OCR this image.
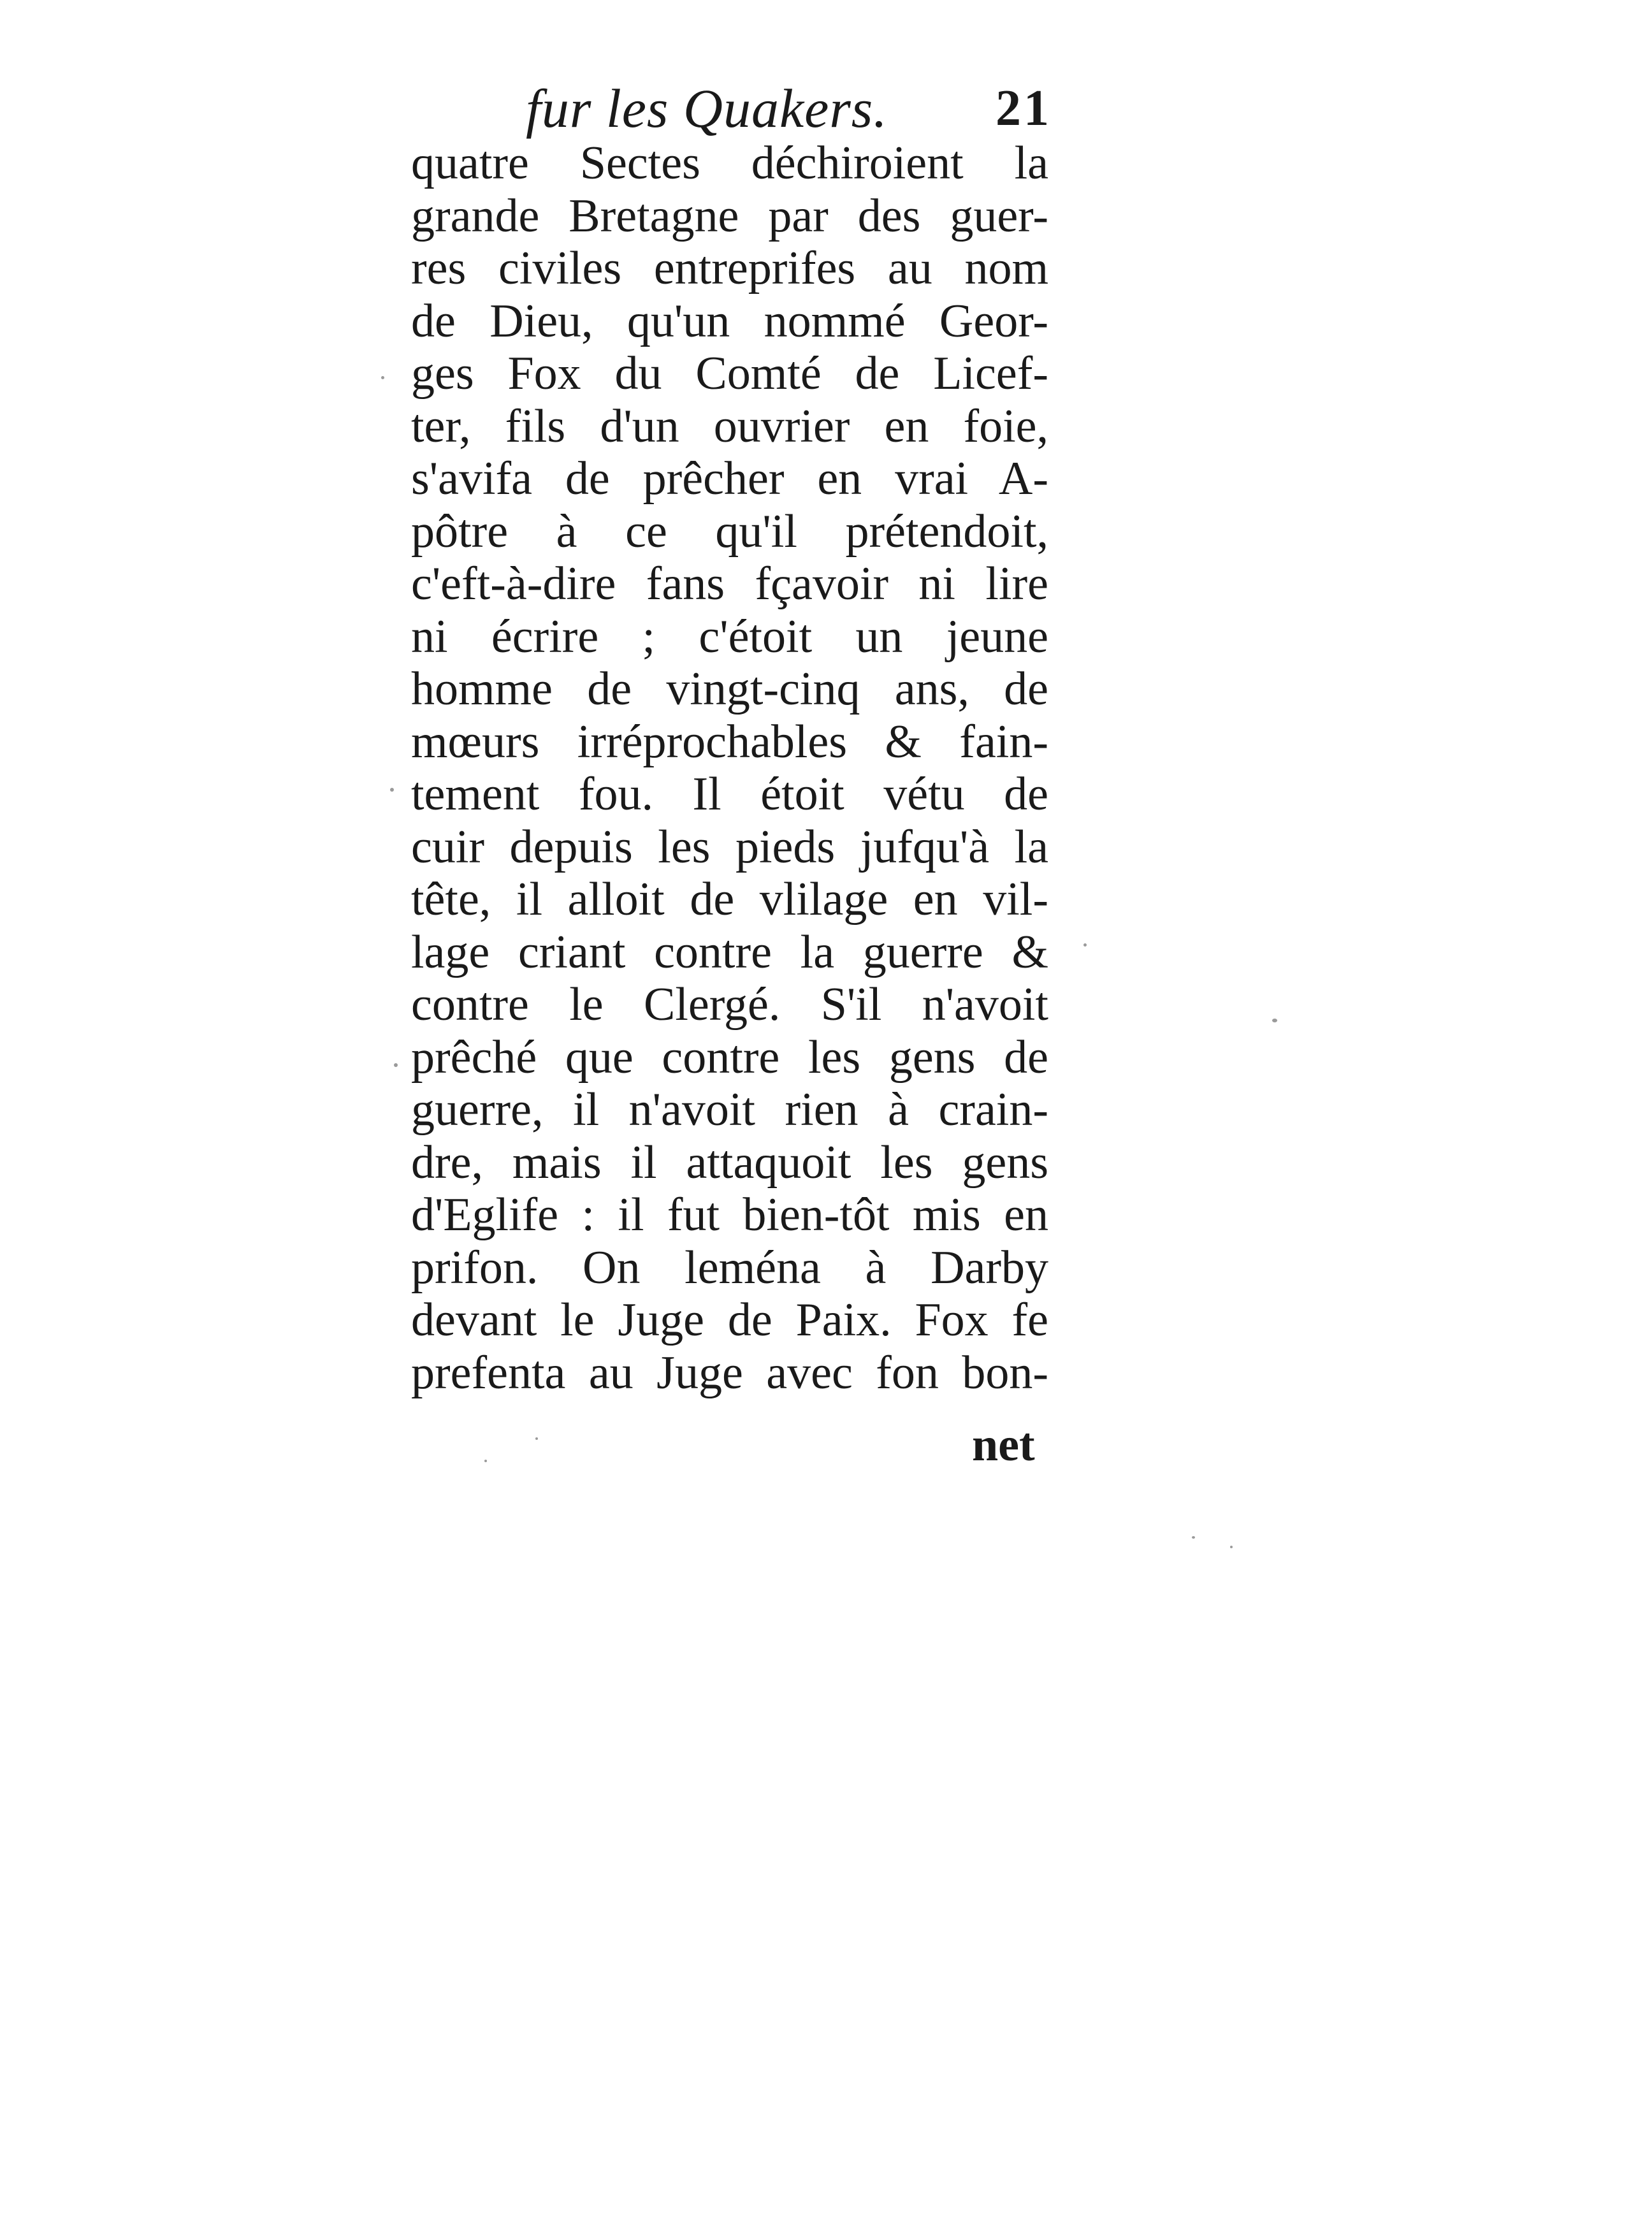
fur les Quakers. 21
quatre Sectes déchiroient la
grande Bretagne par des guer-
res civiles entreprifes au nom
de Dieu, qu'un nommé Geor-
ges Fox du Comté de Licef-
ter, fils d'un ouvrier en foie,
s'avifa de prêcher en vrai A-
pôtre à ce qu'il prétendoit,
c'eft-à-dire fans fçavoir ni lire
ni écrire ; c'étoit un jeune
homme de vingt-cinq ans, de
mœurs irréprochables & fain-
tement fou. Il étoit vétu de
cuir depuis les pieds jufqu'à la
tête, il alloit de vlilage en vil-
lage criant contre la guerre &
contre le Clergé. S'il n'avoit
prêché que contre les gens de
guerre, il n'avoit rien à crain-
dre, mais il attaquoit les gens
d'Eglife : il fut bien-tôt mis en
prifon. On leména à Darby
devant le Juge de Paix. Fox fe
prefenta au Juge avec fon bon-
net
